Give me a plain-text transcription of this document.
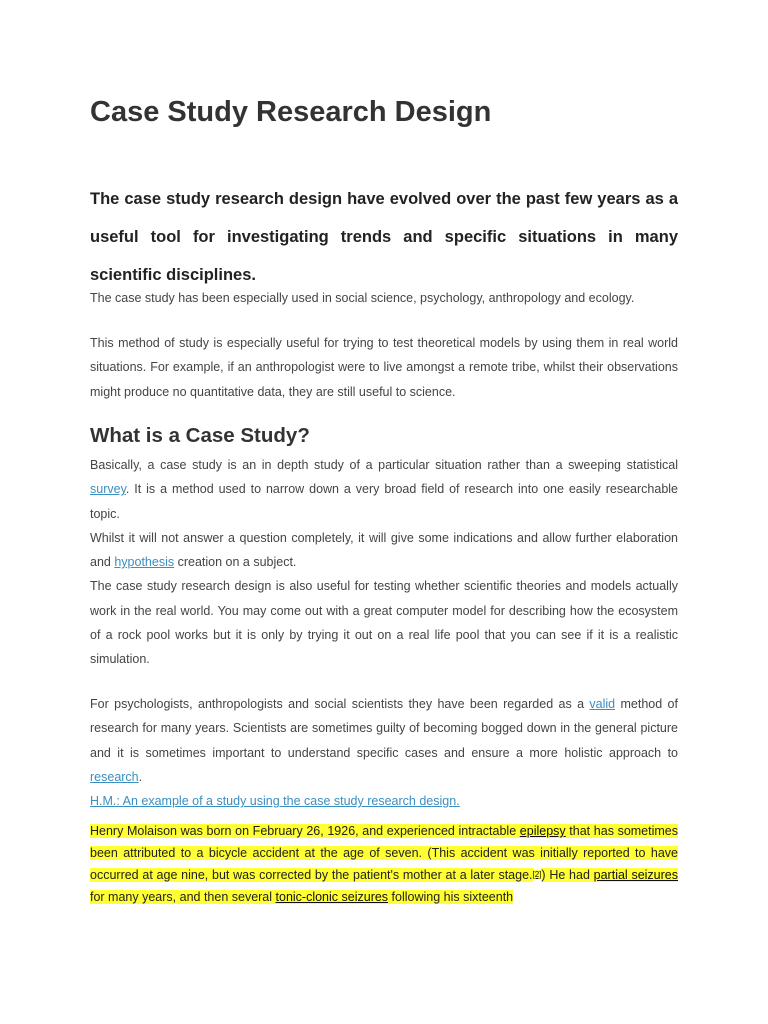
Case Study Research Design

The case study research design have evolved over the past few years as a useful tool for investigating trends and specific situations in many scientific disciplines.

The case study has been especially used in social science, psychology, anthropology and ecology.

This method of study is especially useful for trying to test theoretical models by using them in real world situations. For example, if an anthropologist were to live amongst a remote tribe, whilst their observations might produce no quantitative data, they are still useful to science.

What is a Case Study?

Basically, a case study is an in depth study of a particular situation rather than a sweeping statistical survey. It is a method used to narrow down a very broad field of research into one easily researchable topic.

Whilst it will not answer a question completely, it will give some indications and allow further elaboration and hypothesis creation on a subject.

The case study research design is also useful for testing whether scientific theories and models actually work in the real world. You may come out with a great computer model for describing how the ecosystem of a rock pool works but it is only by trying it out on a real life pool that you can see if it is a realistic simulation.

For psychologists, anthropologists and social scientists they have been regarded as a valid method of research for many years. Scientists are sometimes guilty of becoming bogged down in the general picture and it is sometimes important to understand specific cases and ensure a more holistic approach to research.

H.M.: An example of a study using the case study research design.

Henry Molaison was born on February 26, 1926, and experienced intractable epilepsy that has sometimes been attributed to a bicycle accident at the age of seven. (This accident was initially reported to have occurred at age nine, but was corrected by the patient's mother at a later stage.[2]) He had partial seizures for many years, and then several tonic-clonic seizures following his sixteenth
